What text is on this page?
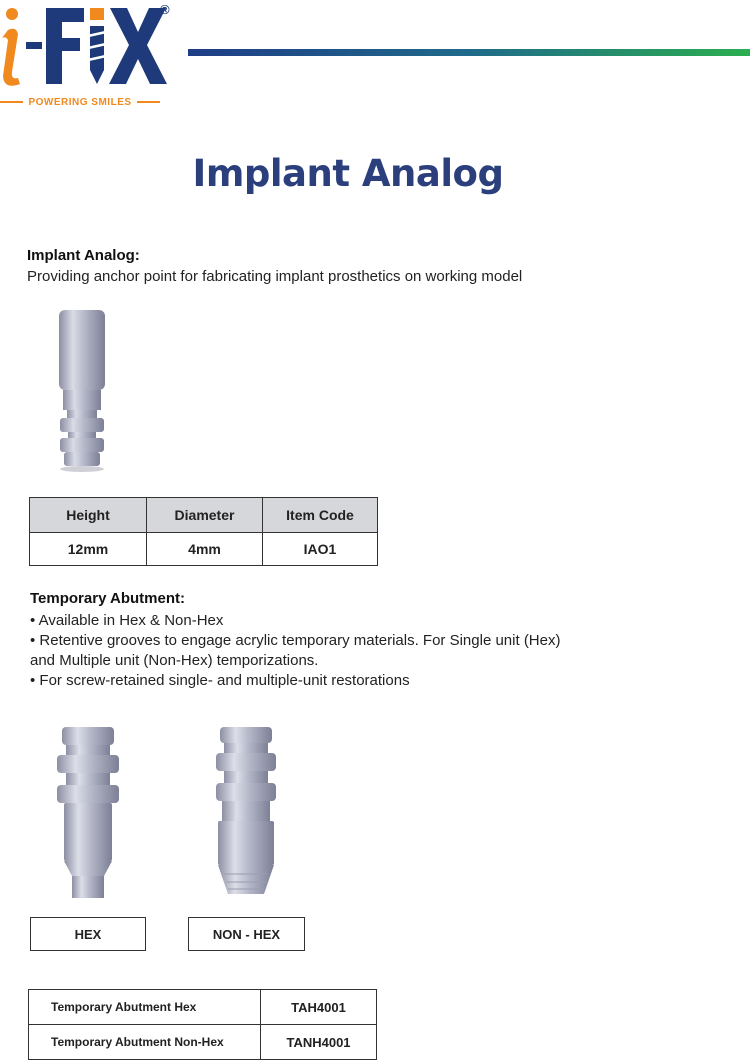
®
POWERING SMILES
Implant Analog
Implant Analog:
Providing anchor point for fabricating implant prosthetics on working model
Height	Diameter	Item Code
12mm	4mm	IAO1
Temporary Abutment:
• Available in Hex & Non-Hex
• Retentive grooves to engage acrylic temporary materials. For Single unit (Hex)
and Multiple unit (Non-Hex) temporizations.
• For screw-retained single- and multiple-unit restorations
HEX	NON - HEX
Temporary Abutment Hex	TAH4001
Temporary Abutment Non-Hex	TANH4001
